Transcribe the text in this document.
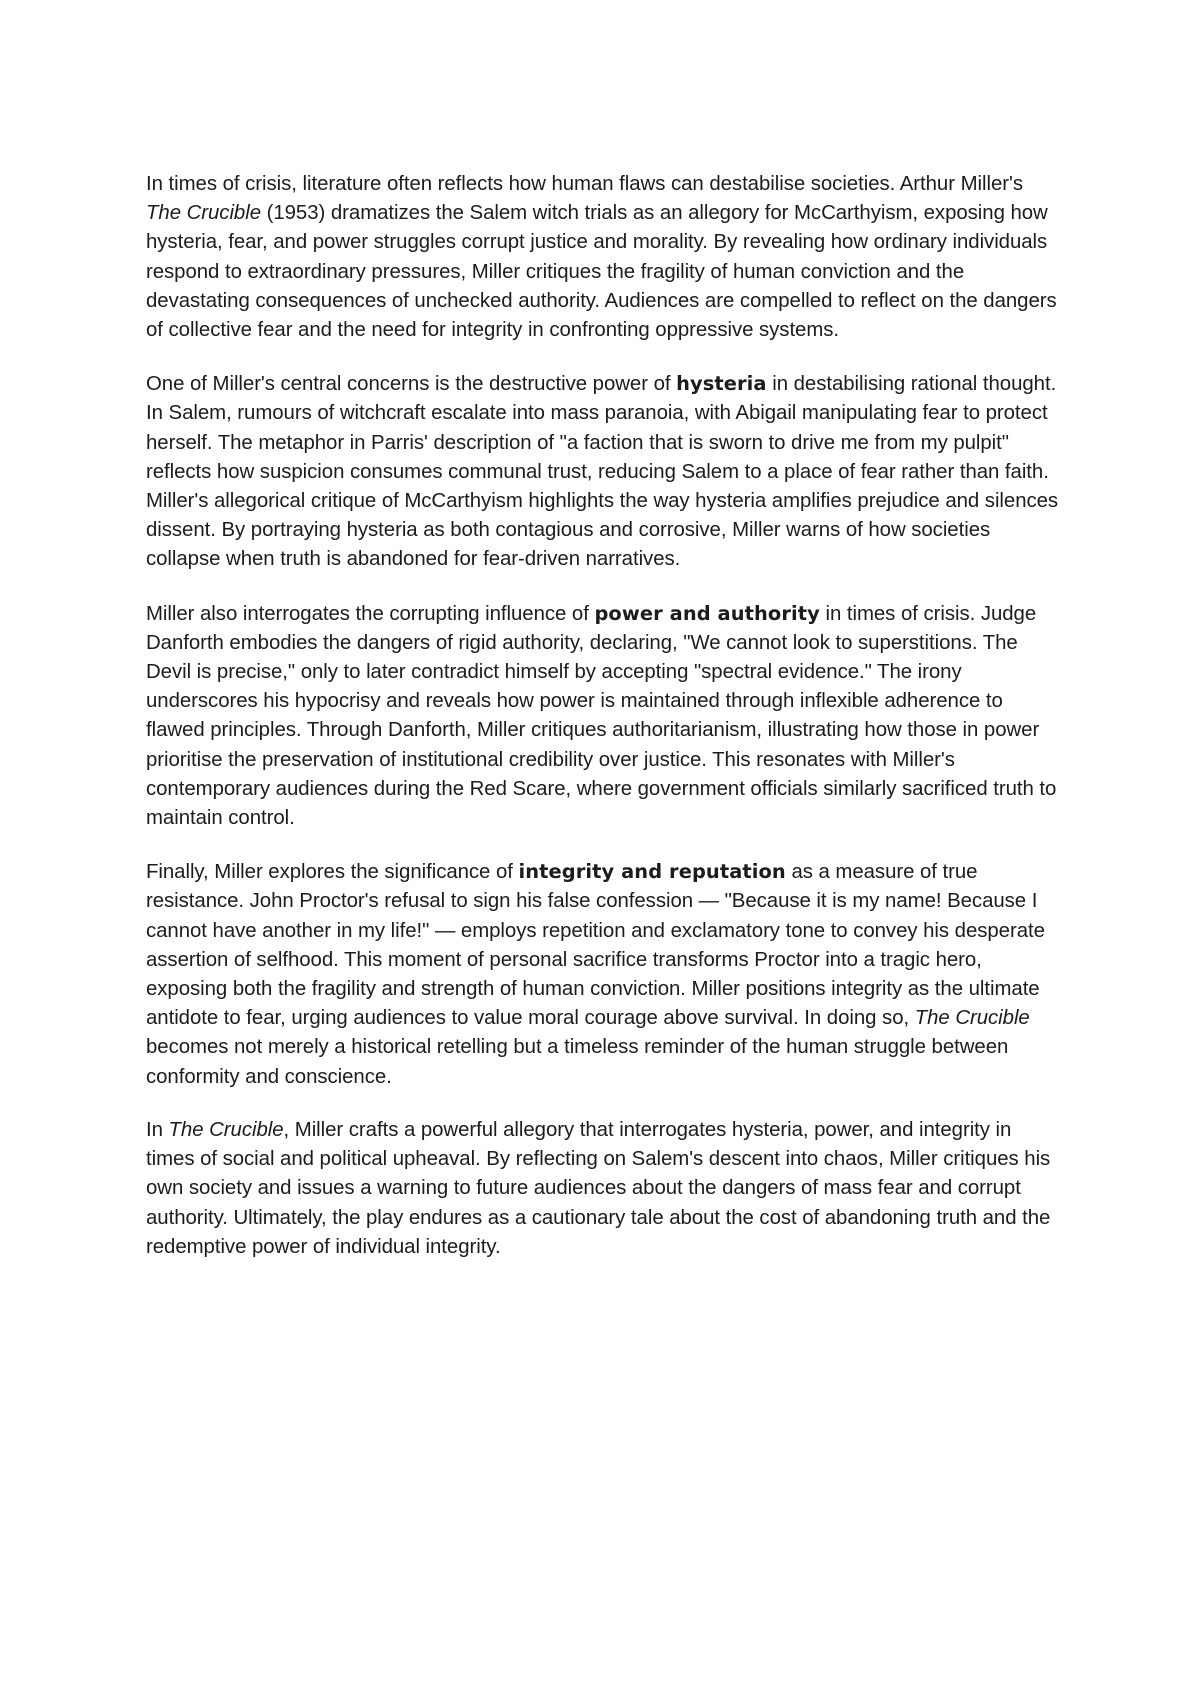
In times of crisis, literature often reflects how human flaws can destabilise societies. Arthur Miller's The Crucible (1953) dramatizes the Salem witch trials as an allegory for McCarthyism, exposing how hysteria, fear, and power struggles corrupt justice and morality. By revealing how ordinary individuals respond to extraordinary pressures, Miller critiques the fragility of human conviction and the devastating consequences of unchecked authority. Audiences are compelled to reflect on the dangers of collective fear and the need for integrity in confronting oppressive systems.

One of Miller's central concerns is the destructive power of hysteria in destabilising rational thought. In Salem, rumours of witchcraft escalate into mass paranoia, with Abigail manipulating fear to protect herself. The metaphor in Parris' description of "a faction that is sworn to drive me from my pulpit" reflects how suspicion consumes communal trust, reducing Salem to a place of fear rather than faith. Miller's allegorical critique of McCarthyism highlights the way hysteria amplifies prejudice and silences dissent. By portraying hysteria as both contagious and corrosive, Miller warns of how societies collapse when truth is abandoned for fear-driven narratives.

Miller also interrogates the corrupting influence of power and authority in times of crisis. Judge Danforth embodies the dangers of rigid authority, declaring, "We cannot look to superstitions. The Devil is precise," only to later contradict himself by accepting "spectral evidence." The irony underscores his hypocrisy and reveals how power is maintained through inflexible adherence to flawed principles. Through Danforth, Miller critiques authoritarianism, illustrating how those in power prioritise the preservation of institutional credibility over justice. This resonates with Miller's contemporary audiences during the Red Scare, where government officials similarly sacrificed truth to maintain control.

Finally, Miller explores the significance of integrity and reputation as a measure of true resistance. John Proctor's refusal to sign his false confession — "Because it is my name! Because I cannot have another in my life!" — employs repetition and exclamatory tone to convey his desperate assertion of selfhood. This moment of personal sacrifice transforms Proctor into a tragic hero, exposing both the fragility and strength of human conviction. Miller positions integrity as the ultimate antidote to fear, urging audiences to value moral courage above survival. In doing so, The Crucible becomes not merely a historical retelling but a timeless reminder of the human struggle between conformity and conscience.

In The Crucible, Miller crafts a powerful allegory that interrogates hysteria, power, and integrity in times of social and political upheaval. By reflecting on Salem's descent into chaos, Miller critiques his own society and issues a warning to future audiences about the dangers of mass fear and corrupt authority. Ultimately, the play endures as a cautionary tale about the cost of abandoning truth and the redemptive power of individual integrity.
